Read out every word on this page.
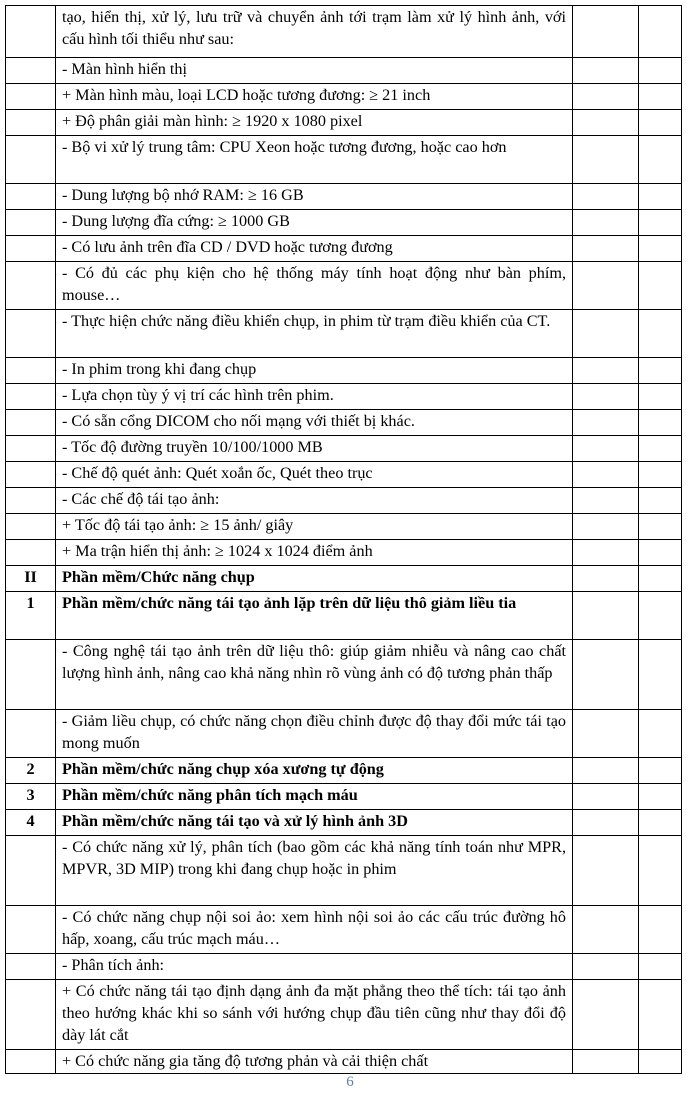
	tạo, hiển thị, xử lý, lưu trữ và chuyển ảnh tới trạm làm xử lý hình ảnh, với cấu hình tối thiểu như sau:		
	- Màn hình hiển thị		
	+ Màn hình màu, loại LCD hoặc tương đương: ≥ 21 inch		
	+ Độ phân giải màn hình: ≥ 1920 x 1080 pixel		
	- Bộ vi xử lý trung tâm: CPU Xeon hoặc tương đương, hoặc cao hơn		
	- Dung lượng bộ nhớ RAM: ≥ 16 GB		
	- Dung lượng đĩa cứng: ≥ 1000 GB		
	- Có lưu ảnh trên đĩa CD / DVD hoặc tương đương		
	- Có đủ các phụ kiện cho hệ thống máy tính hoạt động như bàn phím, mouse…		
	- Thực hiện chức năng điều khiển chụp, in phim từ trạm điều khiển của CT.		
	- In phim trong khi đang chụp		
	- Lựa chọn tùy ý vị trí các hình trên phim.		
	- Có sẵn cổng DICOM cho nối mạng với thiết bị khác.		
	- Tốc độ đường truyền 10/100/1000 MB		
	- Chế độ quét ảnh: Quét xoắn ốc, Quét theo trục		
	- Các chế độ tái tạo ảnh:		
	+ Tốc độ tái tạo ảnh: ≥ 15 ảnh/ giây		
	+ Ma trận hiển thị ảnh: ≥ 1024 x 1024 điểm ảnh		
II	Phần mềm/Chức năng chụp		
1	Phần mềm/chức năng tái tạo ảnh lặp trên dữ liệu thô giảm liều tia		
	- Công nghệ tái tạo ảnh trên dữ liệu thô: giúp giảm nhiễu và nâng cao chất lượng hình ảnh, nâng cao khả năng nhìn rõ vùng ảnh có độ tương phản thấp		
	- Giảm liều chụp, có chức năng chọn điều chỉnh được độ thay đổi mức tái tạo mong muốn		
2	Phần mềm/chức năng chụp xóa xương tự động		
3	Phần mềm/chức năng phân tích mạch máu		
4	Phần mềm/chức năng tái tạo và xử lý hình ảnh 3D		
	- Có chức năng xử lý, phân tích (bao gồm các khả năng tính toán như MPR, MPVR, 3D MIP) trong khi đang chụp hoặc in phim		
	- Có chức năng chụp nội soi ảo: xem hình nội soi ảo các cấu trúc đường hô hấp, xoang, cấu trúc mạch máu…		
	- Phân tích ảnh:		
	+ Có chức năng tái tạo định dạng ảnh đa mặt phẳng theo thể tích: tái tạo ảnh theo hướng khác khi so sánh với hướng chụp đầu tiên cũng như thay đổi độ dày lát cắt		
	+ Có chức năng gia tăng độ tương phản và cải thiện chất		
6
